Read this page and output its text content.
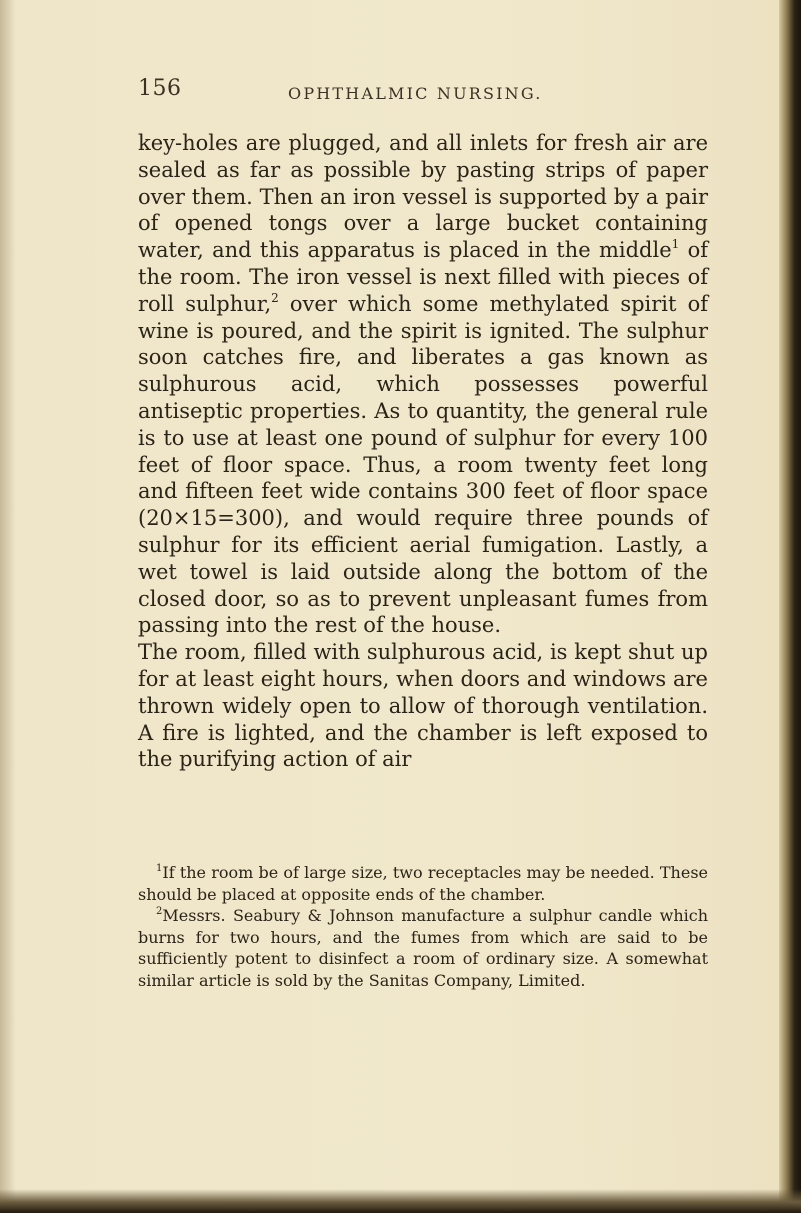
156	OPHTHALMIC NURSING.

key-holes are plugged, and all inlets for fresh air are sealed as far as possible by pasting strips of paper over them. Then an iron vessel is supported by a pair of opened tongs over a large bucket containing water, and this apparatus is placed in the middle$^1$ of the room. The iron vessel is next filled with pieces of roll sulphur,$^2$ over which some methylated spirit of wine is poured, and the spirit is ignited. The sulphur soon catches fire, and liberates a gas known as sulphurous acid, which possesses powerful antiseptic properties. As to quantity, the general rule is to use at least one pound of sulphur for every 100 feet of floor space. Thus, a room twenty feet long and fifteen feet wide contains 300 feet of floor space (20×15=300), and would require three pounds of sulphur for its efficient aerial fumigation. Lastly, a wet towel is laid outside along the bottom of the closed door, so as to prevent unpleasant fumes from passing into the rest of the house.

The room, filled with sulphurous acid, is kept shut up for at least eight hours, when doors and windows are thrown widely open to allow of thorough ventilation. A fire is lighted, and the chamber is left exposed to the purifying action of air

$^1$If the room be of large size, two receptacles may be needed. These should be placed at opposite ends of the chamber.

$^2$Messrs. Seabury & Johnson manufacture a sulphur candle which burns for two hours, and the fumes from which are said to be sufficiently potent to disinfect a room of ordinary size. A somewhat similar article is sold by the Sanitas Company, Limited.
